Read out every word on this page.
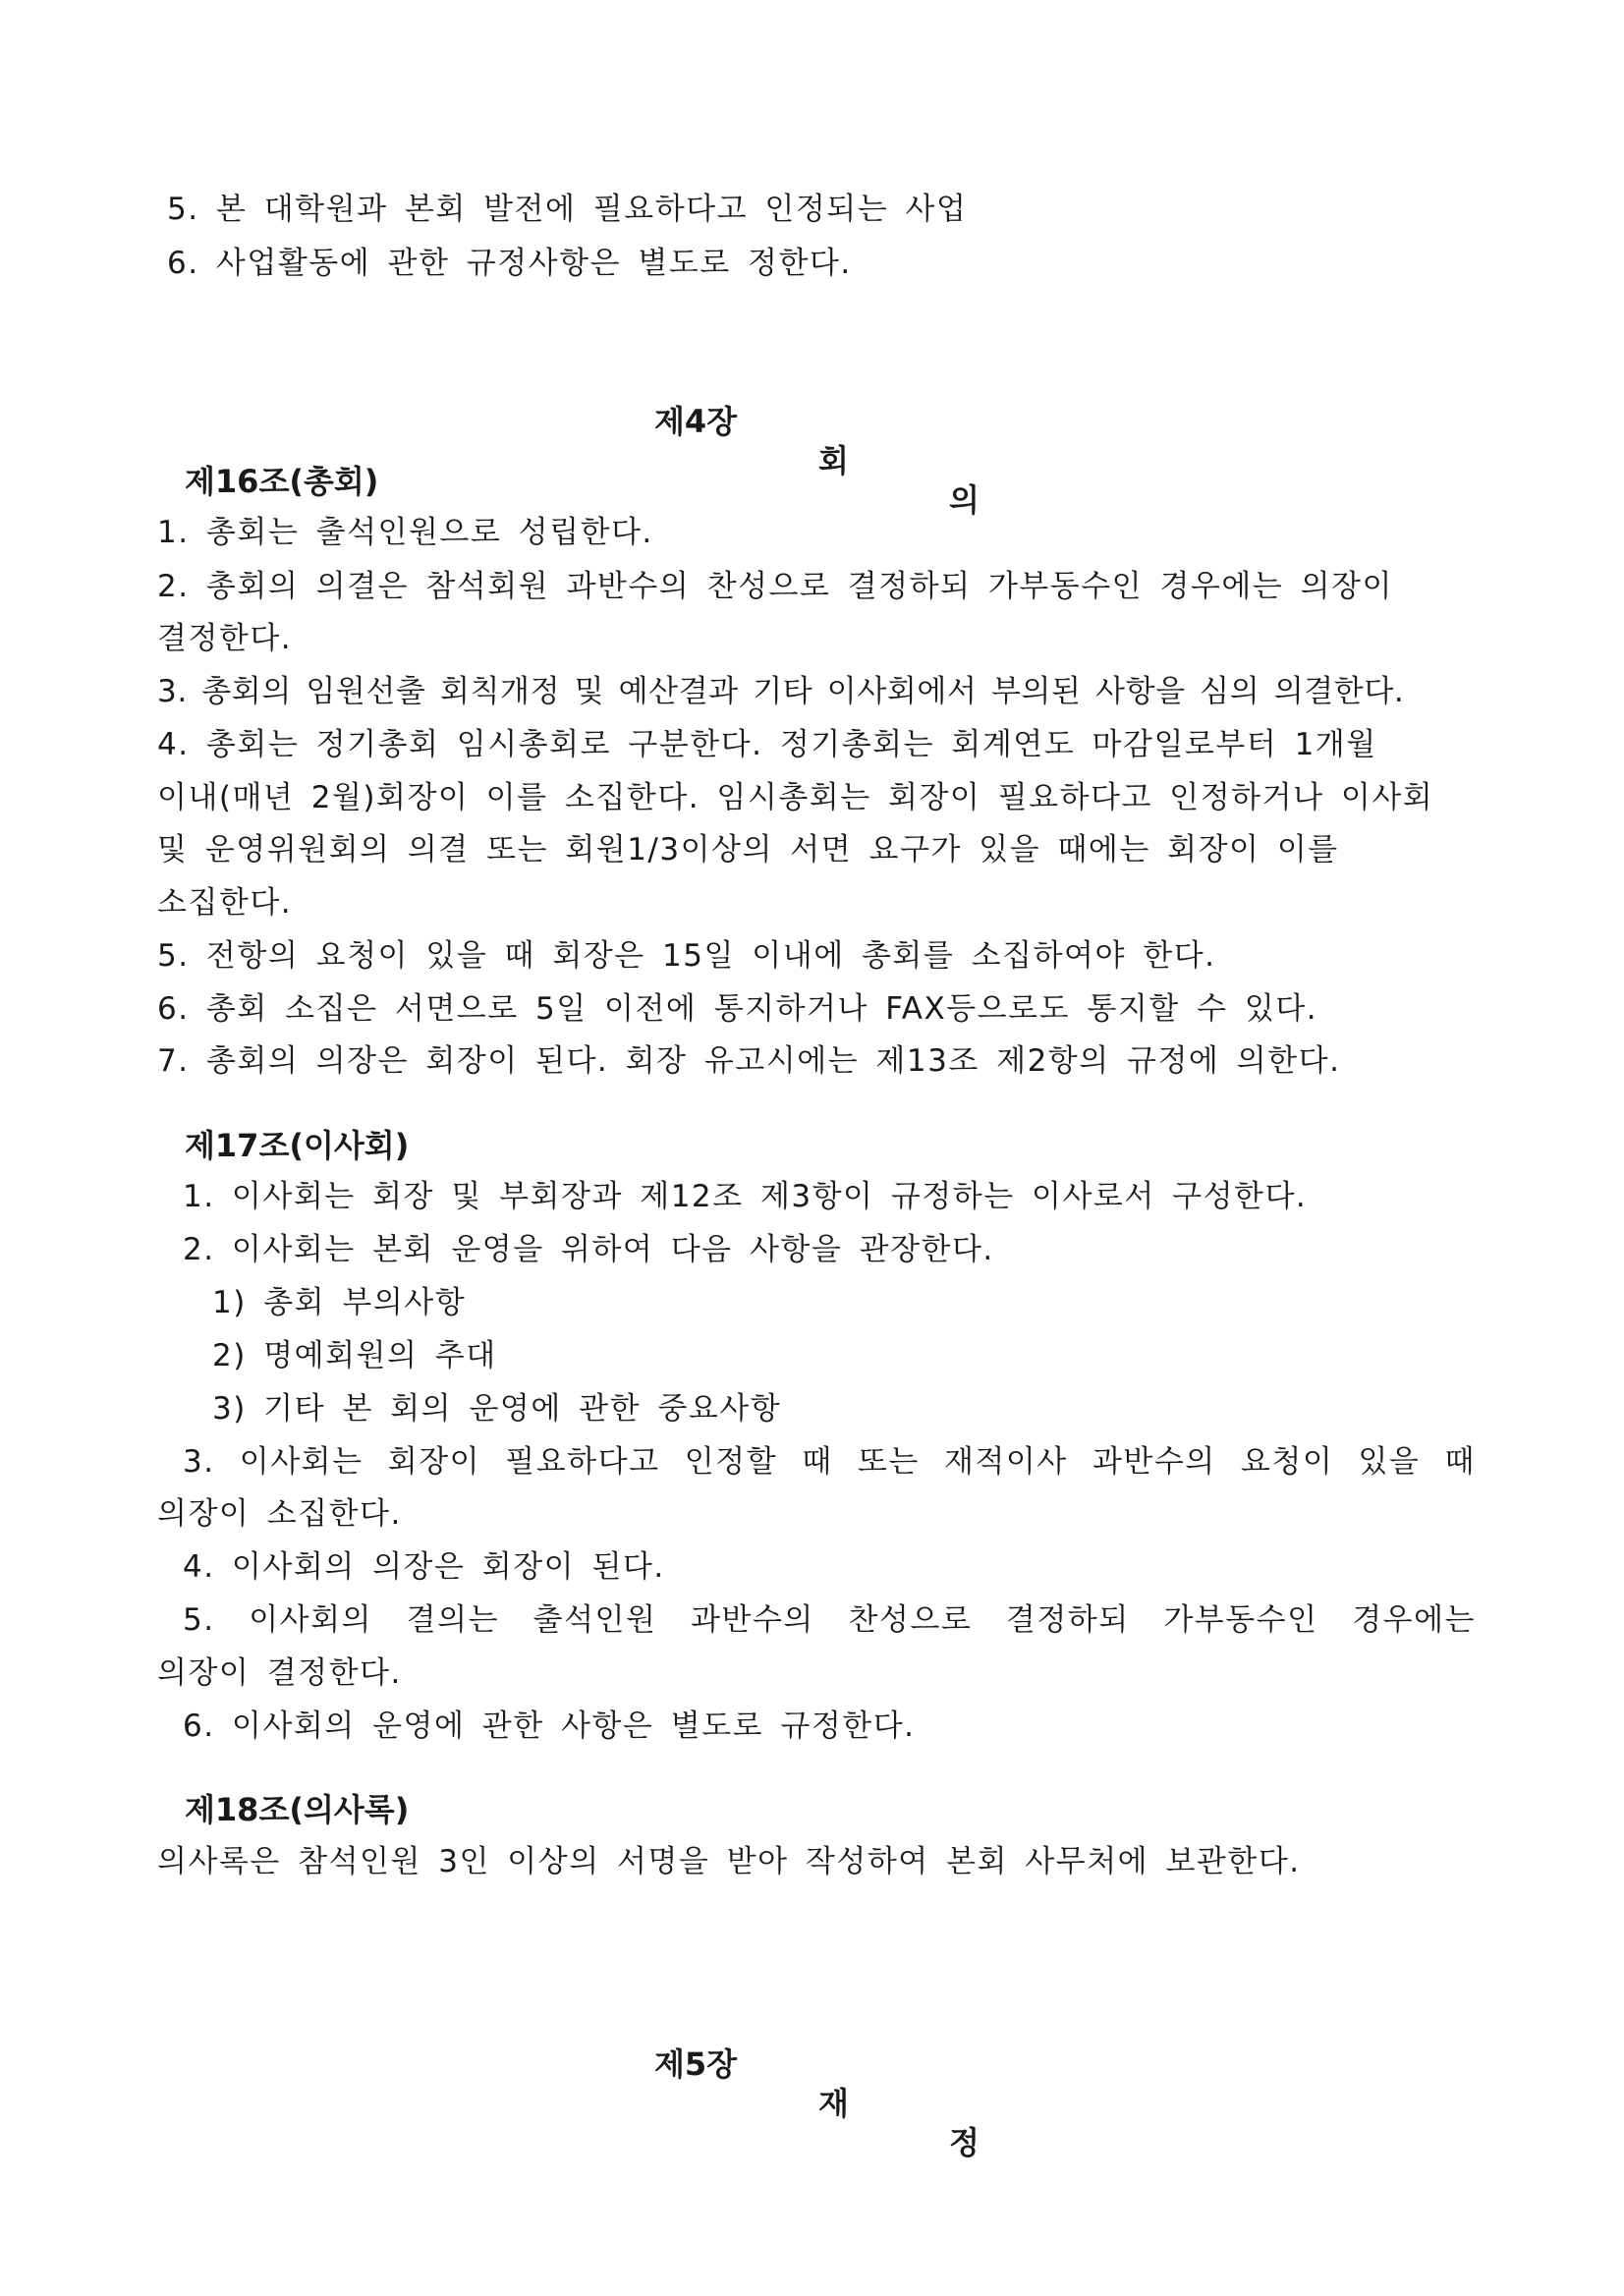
5. 본 대학원과 본회 발전에 필요하다고 인정되는 사업
6. 사업활동에 관한 규정사항은 별도로 정한다.

제4장

회

의

제16조(총회)
1. 총회는 출석인원으로 성립한다.
2. 총회의 의결은 참석회원 과반수의 찬성으로 결정하되 가부동수인 경우에는 의장이
결정한다.
3. 총회의 임원선출 회칙개정 및 예산결과 기타 이사회에서 부의된 사항을 심의 의결한다.
4. 총회는 정기총회 임시총회로 구분한다. 정기총회는 회계연도 마감일로부터 1개월
이내(매년 2월)회장이 이를 소집한다. 임시총회는 회장이 필요하다고 인정하거나 이사회
및 운영위원회의 의결 또는 회원1/3이상의 서면 요구가 있을 때에는 회장이 이를
소집한다.
5. 전항의 요청이 있을 때 회장은 15일 이내에 총회를 소집하여야 한다.
6. 총회 소집은 서면으로 5일 이전에 통지하거나 FAX등으로도 통지할 수 있다.
7. 총회의 의장은 회장이 된다. 회장 유고시에는 제13조 제2항의 규정에 의한다.
제17조(이사회)
1. 이사회는 회장 및 부회장과 제12조 제3항이 규정하는 이사로서 구성한다.
2. 이사회는 본회 운영을 위하여 다음 사항을 관장한다.
1) 총회 부의사항
2) 명예회원의 추대
3) 기타 본 회의 운영에 관한 중요사항
3. 이사회는 회장이 필요하다고 인정할 때 또는 재적이사 과반수의 요청이 있을 때
의장이 소집한다.
4. 이사회의 의장은 회장이 된다.
5. 이사회의 결의는 출석인원 과반수의 찬성으로 결정하되 가부동수인 경우에는
의장이 결정한다.
6. 이사회의 운영에 관한 사항은 별도로 규정한다.
제18조(의사록)
의사록은 참석인원 3인 이상의 서명을 받아 작성하여 본회 사무처에 보관한다.

제5장

재

정
